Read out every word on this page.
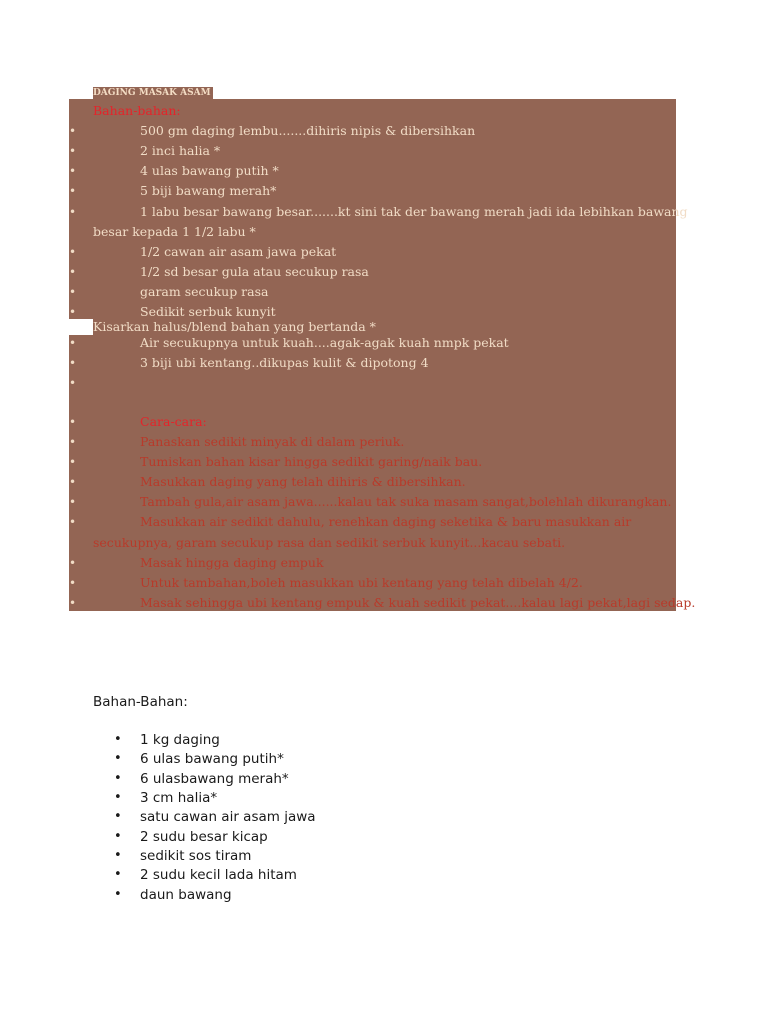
DAGING MASAK ASAM
Bahan-bahan:
•	500 gm daging lembu.......dihiris nipis & dibersihkan
•	2 inci halia *
•	4 ulas bawang putih *
•	5 biji bawang merah*
•	1 labu besar bawang besar.......kt sini tak der bawang merah jadi ida lebihkan bawang
besar kepada 1 1/2 labu *
•	1/2 cawan air asam jawa pekat
•	1/2 sd besar gula atau secukup rasa
•	garam secukup rasa
•	Sedikit serbuk kunyit
Kisarkan halus/blend bahan yang bertanda *
•	Air secukupnya untuk kuah....agak-agak kuah nmpk pekat
•	3 biji ubi kentang..dikupas kulit & dipotong 4
•
•	Cara-cara:
•	Panaskan sedikit minyak di dalam periuk.
•	Tumiskan bahan kisar hingga sedikit garing/naik bau.
•	Masukkan daging yang telah dihiris & dibersihkan.
•	Tambah gula,air asam jawa......kalau tak suka masam sangat,bolehlah dikurangkan.
•	Masukkan air sedikit dahulu, renehkan daging seketika & baru masukkan air
secukupnya, garam secukup rasa dan sedikit serbuk kunyit...kacau sebati.
•	Masak hingga daging empuk
•	Untuk tambahan,boleh masukkan ubi kentang yang telah dibelah 4/2.
•	Masak sehingga ubi kentang empuk & kuah sedikit pekat....kalau lagi pekat,lagi sedap.
Bahan-Bahan:
• 1 kg daging
• 6 ulas bawang putih*
• 6 ulasbawang merah*
• 3 cm halia*
• satu cawan air asam jawa
• 2 sudu besar kicap
• sedikit sos tiram
• 2 sudu kecil lada hitam
• daun bawang
